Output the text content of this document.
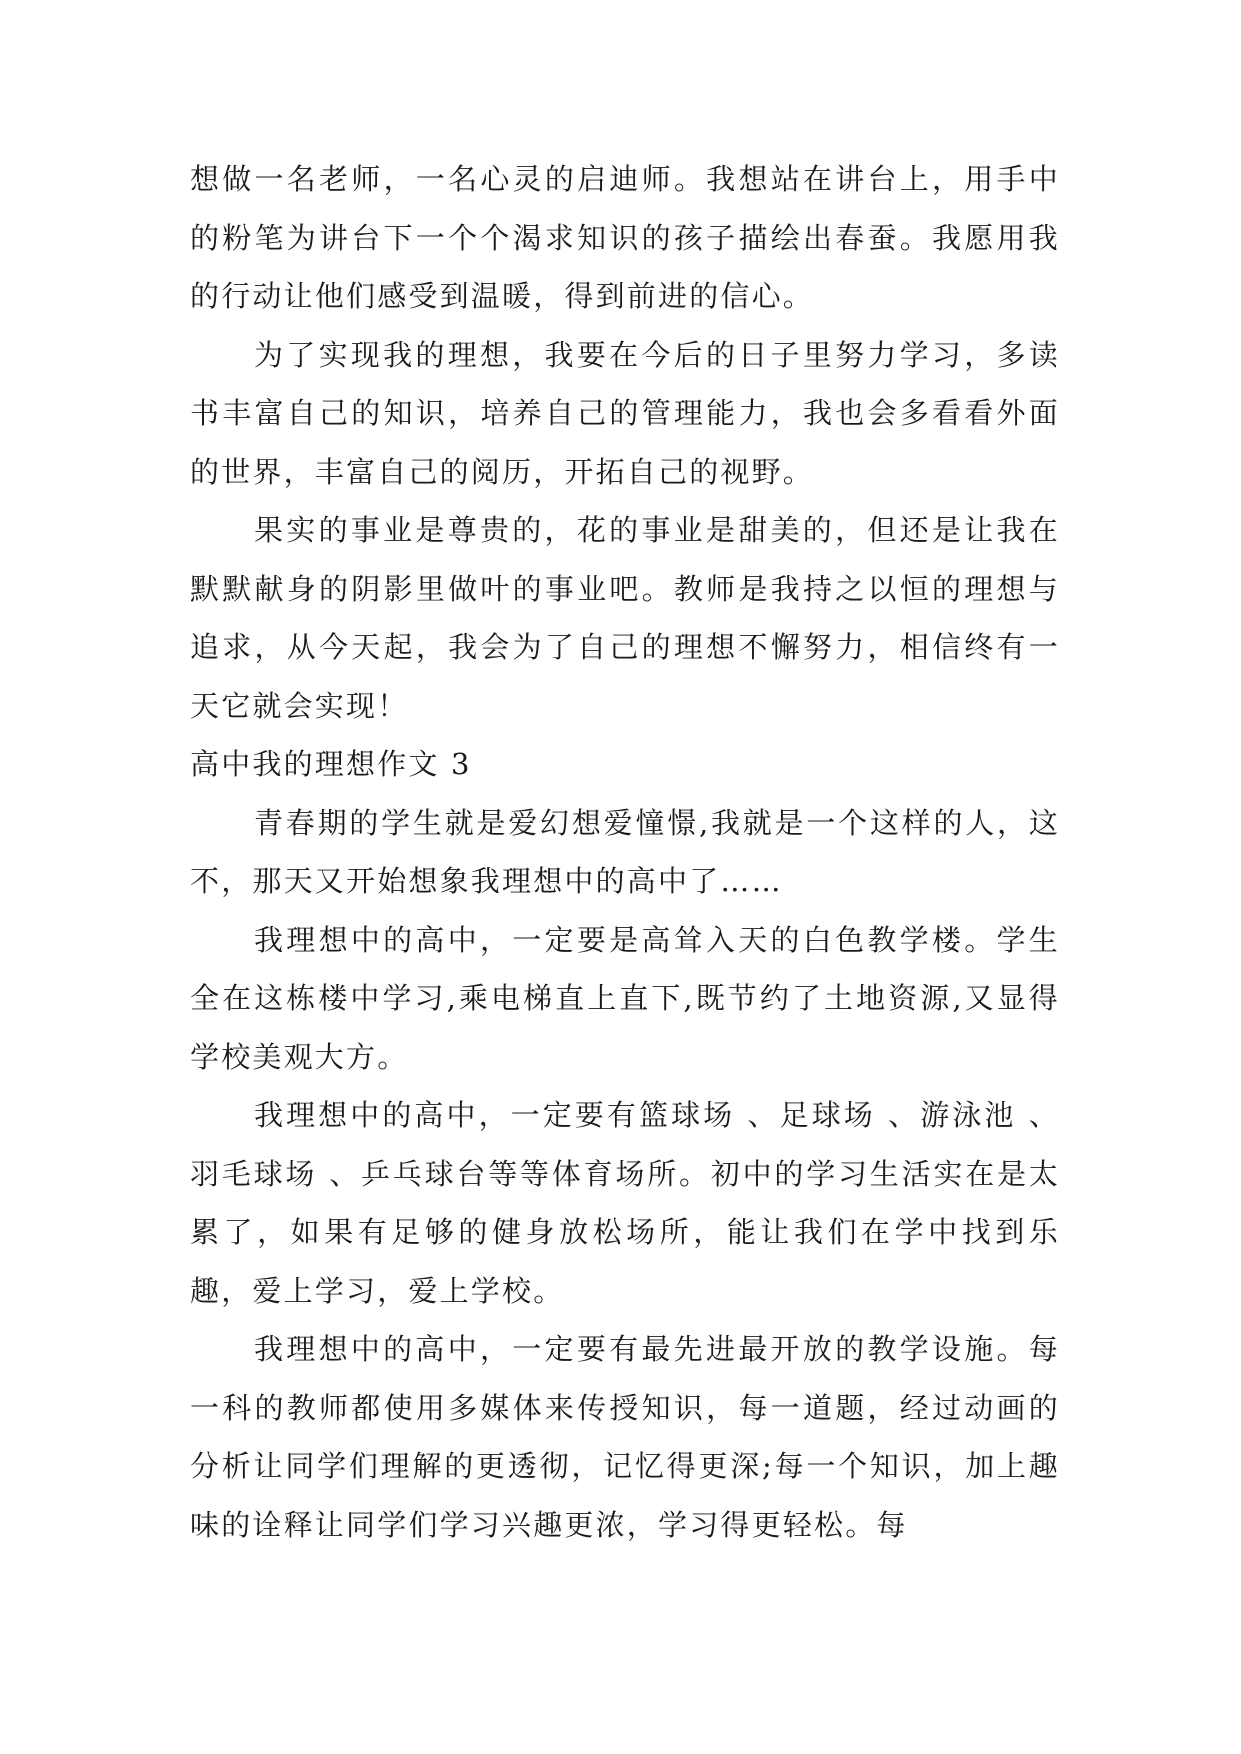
想做一名老师，一名心灵的启迪师。我想站在讲台上，用手中的粉笔为讲台下一个个渴求知识的孩子描绘出春蚕。我愿用我的行动让他们感受到温暖，得到前进的信心。

为了实现我的理想，我要在今后的日子里努力学习，多读书丰富自己的知识，培养自己的管理能力，我也会多看看外面的世界，丰富自己的阅历，开拓自己的视野。

果实的事业是尊贵的，花的事业是甜美的，但还是让我在默默献身的阴影里做叶的事业吧。教师是我持之以恒的理想与追求，从今天起，我会为了自己的理想不懈努力，相信终有一天它就会实现！

高中我的理想作文 3

青春期的学生就是爱幻想爱憧憬,我就是一个这样的人，这不，那天又开始想象我理想中的高中了……

我理想中的高中，一定要是高耸入天的白色教学楼。学生全在这栋楼中学习,乘电梯直上直下,既节约了土地资源,又显得学校美观大方。

我理想中的高中，一定要有篮球场 、足球场 、游泳池 、羽毛球场 、乒乓球台等等体育场所。初中的学习生活实在是太累了，如果有足够的健身放松场所，能让我们在学中找到乐趣，爱上学习，爱上学校。

我理想中的高中，一定要有最先进最开放的教学设施。每一科的教师都使用多媒体来传授知识，每一道题，经过动画的分析让同学们理解的更透彻，记忆得更深;每一个知识，加上趣味的诠释让同学们学习兴趣更浓，学习得更轻松。每
